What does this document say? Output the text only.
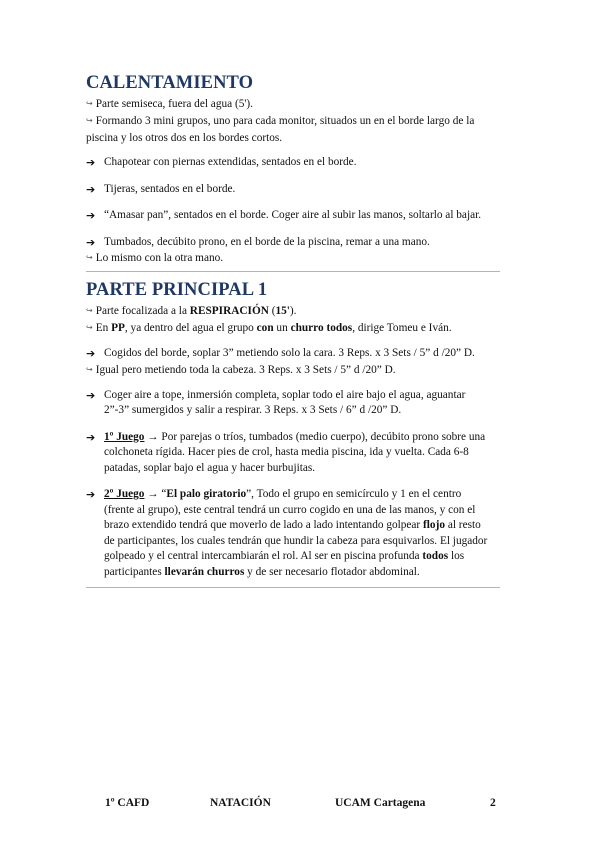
CALENTAMIENTO

↪ Parte semiseca, fuera del agua (5').

↪ Formando 3 mini grupos, uno para cada monitor, situados un en el borde largo de la

piscina y los otros dos en los bordes cortos.

➔ Chapotear con piernas extendidas, sentados en el borde.

➔ Tijeras, sentados en el borde.

➔ “Amasar pan”, sentados en el borde. Coger aire al subir las manos, soltarlo al bajar.

➔ Tumbados, decúbito prono, en el borde de la piscina, remar a una mano.

↪ Lo mismo con la otra mano.

PARTE PRINCIPAL 1

↪ Parte focalizada a la RESPIRACIÓN (15').

↪ En PP, ya dentro del agua el grupo con un churro todos, dirige Tomeu e Iván.

➔ Cogidos del borde, soplar 3” metiendo solo la cara. 3 Reps. x 3 Sets / 5” d /20” D.

↪ Igual pero metiendo toda la cabeza. 3 Reps. x 3 Sets / 5” d /20” D.

➔ Coger aire a tope, inmersión completa, soplar todo el aire bajo el agua, aguantar
2”-3” sumergidos y salir a respirar. 3 Reps. x 3 Sets / 6” d /20” D.
➔ 1º Juego → Por parejas o tríos, tumbados (medio cuerpo), decúbito prono sobre una
colchoneta rígida. Hacer pies de crol, hasta media piscina, ida y vuelta. Cada 6-8
patadas, soplar bajo el agua y hacer burbujitas.
➔ 2º Juego → “El palo giratorio”, Todo el grupo en semicírculo y 1 en el centro
(frente al grupo), este central tendrá un curro cogido en una de las manos, y con el
brazo extendido tendrá que moverlo de lado a lado intentando golpear flojo al resto
de participantes, los cuales tendrán que hundir la cabeza para esquivarlos. El jugador
golpeado y el central intercambiarán el rol. Al ser en piscina profunda todos los
participantes llevarán churros y de ser necesario flotador abdominal.
1º CAFD	NATACIÓN	UCAM Cartagena	2
